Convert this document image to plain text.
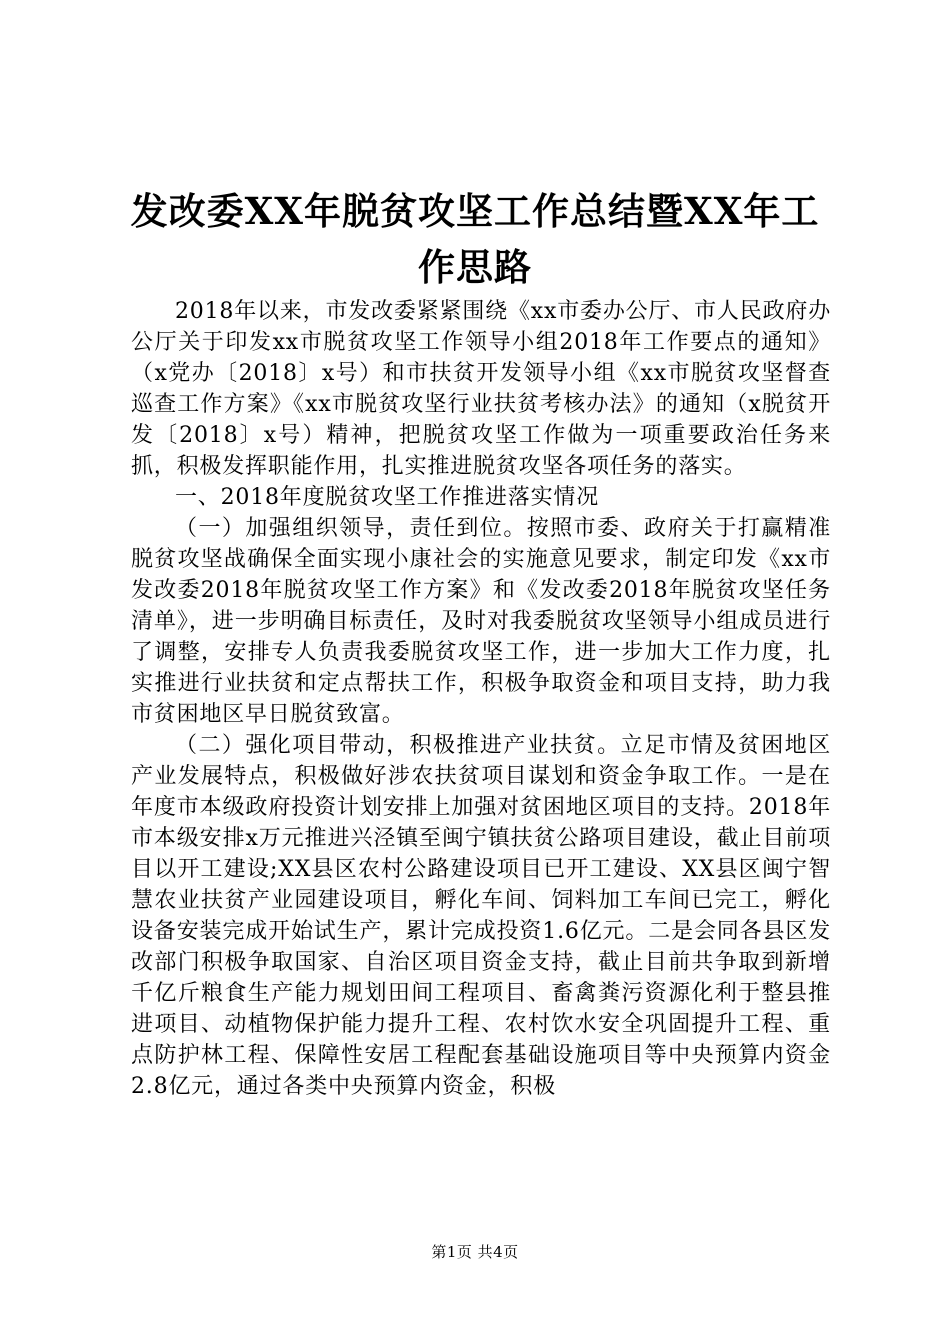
发改委XX年脱贫攻坚工作总结暨XX年工作思路

2018年以来，市发改委紧紧围绕《xx市委办公厅、市人民政府办公厅关于印发xx市脱贫攻坚工作领导小组2018年工作要点的通知》（x党办〔2018〕x号）和市扶贫开发领导小组《xx市脱贫攻坚督查巡查工作方案》《xx市脱贫攻坚行业扶贫考核办法》的通知（x脱贫开发〔2018〕x号）精神，把脱贫攻坚工作做为一项重要政治任务来抓，积极发挥职能作用，扎实推进脱贫攻坚各项任务的落实。

一、2018年度脱贫攻坚工作推进落实情况

（一）加强组织领导，责任到位。按照市委、政府关于打赢精准脱贫攻坚战确保全面实现小康社会的实施意见要求，制定印发《xx市发改委2018年脱贫攻坚工作方案》和《发改委2018年脱贫攻坚任务清单》，进一步明确目标责任，及时对我委脱贫攻坚领导小组成员进行了调整，安排专人负责我委脱贫攻坚工作，进一步加大工作力度，扎实推进行业扶贫和定点帮扶工作，积极争取资金和项目支持，助力我市贫困地区早日脱贫致富。

（二）强化项目带动，积极推进产业扶贫。立足市情及贫困地区产业发展特点，积极做好涉农扶贫项目谋划和资金争取工作。一是在年度市本级政府投资计划安排上加强对贫困地区项目的支持。2018年市本级安排x万元推进兴泾镇至闽宁镇扶贫公路项目建设，截止目前项目以开工建设;XX县区农村公路建设项目已开工建设、XX县区闽宁智慧农业扶贫产业园建设项目，孵化车间、饲料加工车间已完工，孵化设备安装完成开始试生产，累计完成投资1.6亿元。二是会同各县区发改部门积极争取国家、自治区项目资金支持，截止目前共争取到新增千亿斤粮食生产能力规划田间工程项目、畜禽粪污资源化利于整县推进项目、动植物保护能力提升工程、农村饮水安全巩固提升工程、重点防护林工程、保障性安居工程配套基础设施项目等中央预算内资金2.8亿元，通过各类中央预算内资金，积极

第1页 共4页
